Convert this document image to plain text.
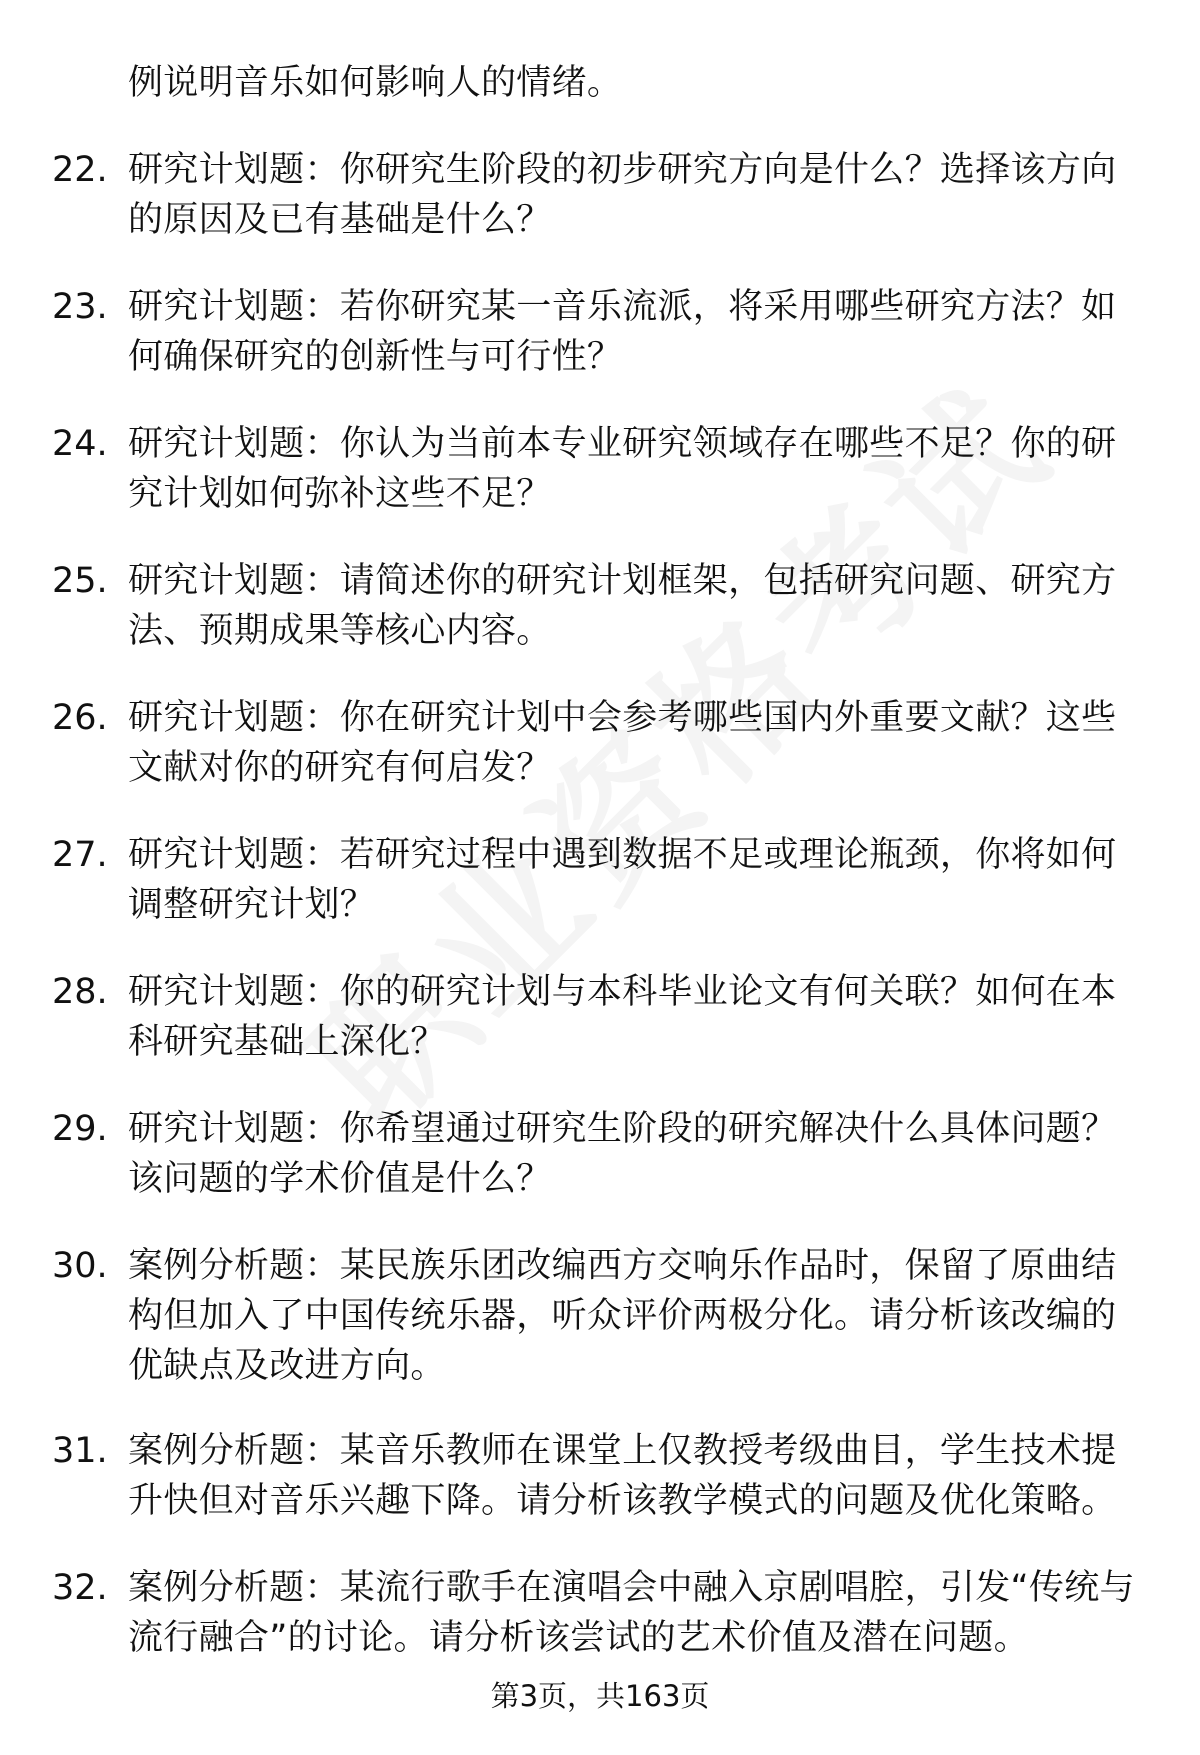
例说明音乐如何影响人的情绪。
22. 研究计划题：你研究生阶段的初步研究方向是什么？选择该方向的原因及已有基础是什么？
23. 研究计划题：若你研究某一音乐流派，将采用哪些研究方法？如何确保研究的创新性与可行性？
24. 研究计划题：你认为当前本专业研究领域存在哪些不足？你的研究计划如何弥补这些不足？
25. 研究计划题：请简述你的研究计划框架，包括研究问题、研究方法、预期成果等核心内容。
26. 研究计划题：你在研究计划中会参考哪些国内外重要文献？这些文献对你的研究有何启发？
27. 研究计划题：若研究过程中遇到数据不足或理论瓶颈，你将如何调整研究计划？
28. 研究计划题：你的研究计划与本科毕业论文有何关联？如何在本科研究基础上深化？
29. 研究计划题：你希望通过研究生阶段的研究解决什么具体问题？该问题的学术价值是什么？
30. 案例分析题：某民族乐团改编西方交响乐作品时，保留了原曲结构但加入了中国传统乐器，听众评价两极分化。请分析该改编的优缺点及改进方向。
31. 案例分析题：某音乐教师在课堂上仅教授考级曲目，学生技术提升快但对音乐兴趣下降。请分析该教学模式的问题及优化策略。
32. 案例分析题：某流行歌手在演唱会中融入京剧唱腔，引发“传统与流行融合”的讨论。请分析该尝试的艺术价值及潜在问题。
第3页，共163页
